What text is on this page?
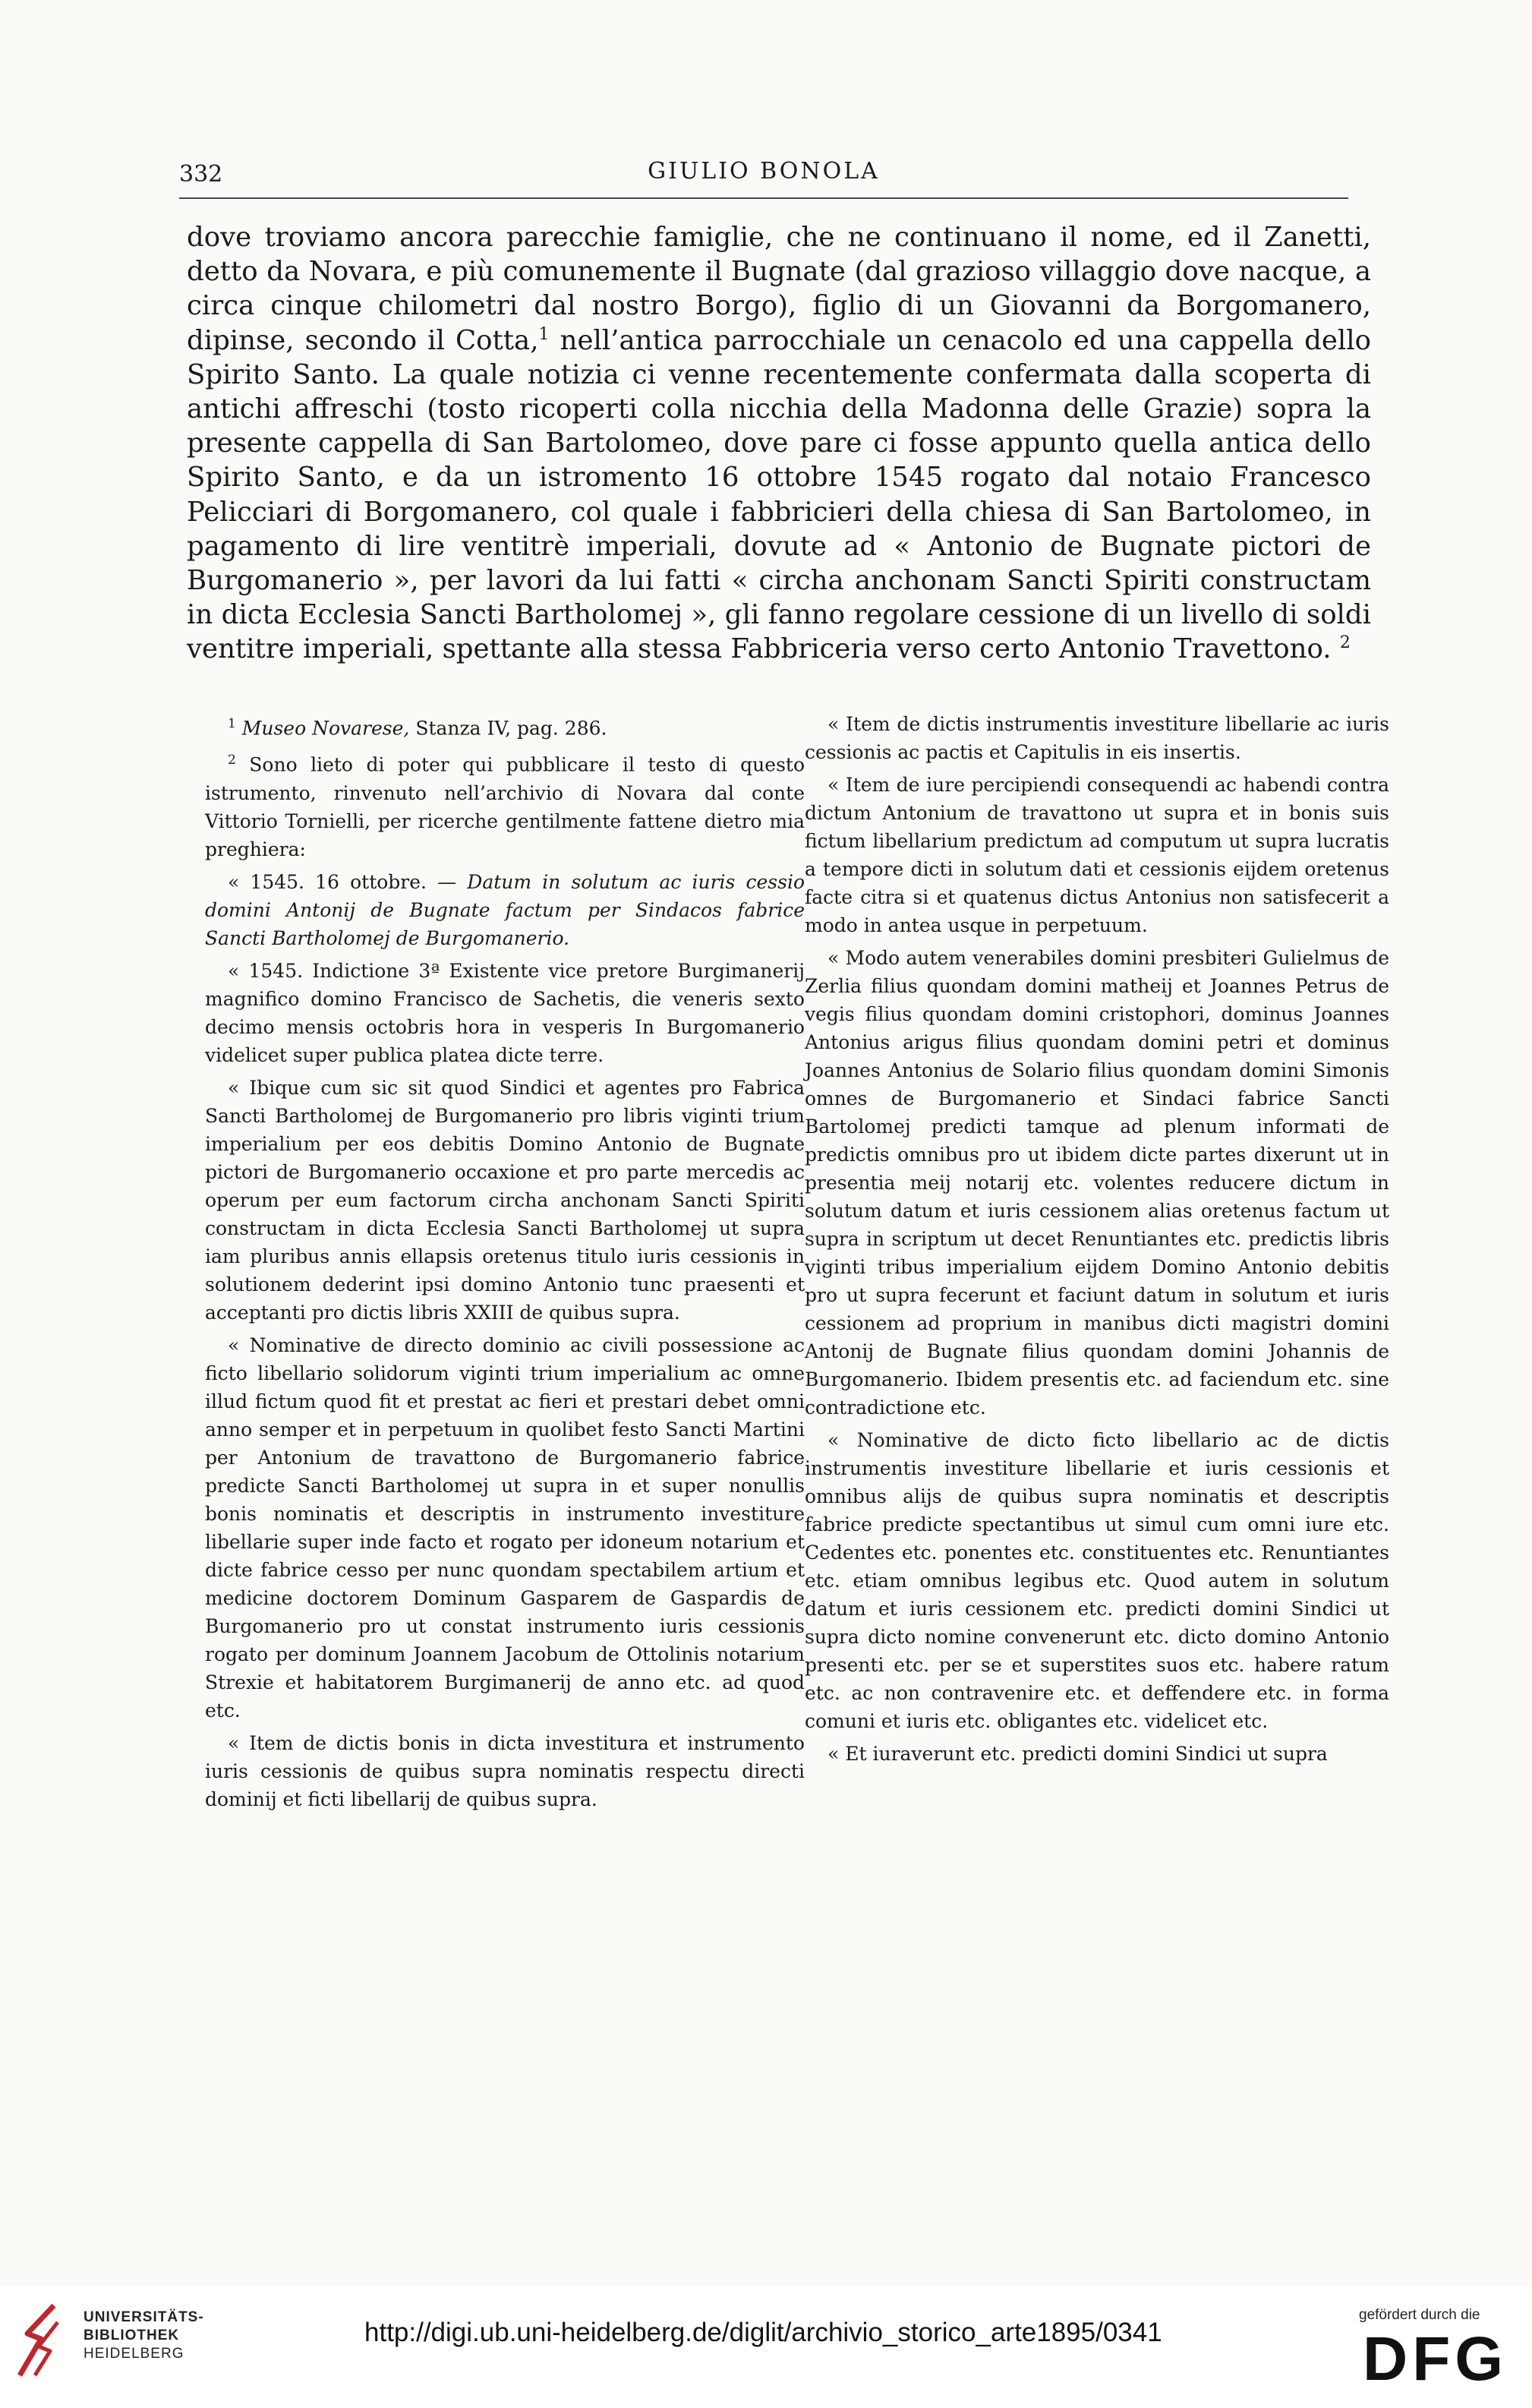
332	GIULIO BONOLA

dove troviamo ancora parecchie famiglie, che ne continuano il nome, ed il Zanetti, detto da Novara, e più comunemente il Bugnate (dal grazioso villaggio dove nacque, a circa cinque chilometri dal nostro Borgo), figlio di un Giovanni da Borgomanero, dipinse, secondo il Cotta,$^1$ nell’antica parrocchiale un cenacolo ed una cappella dello Spirito Santo. La quale notizia ci venne recentemente confermata dalla scoperta di antichi affreschi (tosto ricoperti colla nicchia della Madonna delle Grazie) sopra la presente cappella di San Bartolomeo, dove pare ci fosse appunto quella antica dello Spirito Santo, e da un istromento 16 ottobre 1545 rogato dal notaio Francesco Pelicciari di Borgomanero, col quale i fabbricieri della chiesa di San Bartolomeo, in pagamento di lire ventitrè imperiali, dovute ad « Antonio de Bugnate pictori de Burgomanerio », per lavori da lui fatti « circha anchonam Sancti Spiriti constructam in dicta Ecclesia Sancti Bartholomej », gli fanno regolare cessione di un livello di soldi ventitre imperiali, spettante alla stessa Fabbriceria verso certo Antonio Travettono. $^2$

$^1$ Museo Novarese, Stanza IV, pag. 286.

$^2$ Sono lieto di poter qui pubblicare il testo di questo istrumento, rinvenuto nell’archivio di Novara dal conte Vittorio Tornielli, per ricerche gentilmente fattene dietro mia preghiera:

« 1545. 16 ottobre. — Datum in solutum ac iuris cessio domini Antonij de Bugnate factum per Sindacos fabrice Sancti Bartholomej de Burgomanerio.

« 1545. Indictione 3ª Existente vice pretore Burgimanerij magnifico domino Francisco de Sachetis, die veneris sexto decimo mensis octobris hora in vesperis In Burgomanerio videlicet super publica platea dicte terre.

« Ibique cum sic sit quod Sindici et agentes pro Fabrica Sancti Bartholomej de Burgomanerio pro libris viginti trium imperialium per eos debitis Domino Antonio de Bugnate pictori de Burgomanerio occaxione et pro parte mercedis ac operum per eum factorum circha anchonam Sancti Spiriti constructam in dicta Ecclesia Sancti Bartholomej ut supra iam pluribus annis ellapsis oretenus titulo iuris cessionis in solutionem dederint ipsi domino Antonio tunc praesenti et acceptanti pro dictis libris XXIII de quibus supra.

« Nominative de directo dominio ac civili possessione ac ficto libellario solidorum viginti trium imperialium ac omne illud fictum quod fit et prestat ac fieri et prestari debet omni anno semper et in perpetuum in quolibet festo Sancti Martini per Antonium de travattono de Burgomanerio fabrice predicte Sancti Bartholomej ut supra in et super nonullis bonis nominatis et descriptis in instrumento investiture libellarie super inde facto et rogato per idoneum notarium et dicte fabrice cesso per nunc quondam spectabilem artium et medicine doctorem Dominum Gasparem de Gaspardis de Burgomanerio pro ut constat instrumento iuris cessionis rogato per dominum Joannem Jacobum de Ottolinis notarium Strexie et habitatorem Burgimanerij de anno etc. ad quod etc.

« Item de dictis bonis in dicta investitura et instrumento iuris cessionis de quibus supra nominatis respectu directi dominij et ficti libellarij de quibus supra.

« Item de dictis instrumentis investiture libellarie ac iuris cessionis ac pactis et Capitulis in eis insertis.

« Item de iure percipiendi consequendi ac habendi contra dictum Antonium de travattono ut supra et in bonis suis fictum libellarium predictum ad computum ut supra lucratis a tempore dicti in solutum dati et cessionis eijdem oretenus facte citra si et quatenus dictus Antonius non satisfecerit a modo in antea usque in perpetuum.

« Modo autem venerabiles domini presbiteri Gulielmus de Zerlia filius quondam domini matheij et Joannes Petrus de vegis filius quondam domini cristophori, dominus Joannes Antonius arigus filius quondam domini petri et dominus Joannes Antonius de Solario filius quondam domini Simonis omnes de Burgomanerio et Sindaci fabrice Sancti Bartolomej predicti tamque ad plenum informati de predictis omnibus pro ut ibidem dicte partes dixerunt ut in presentia meij notarij etc. volentes reducere dictum in solutum datum et iuris cessionem alias oretenus factum ut supra in scriptum ut decet Renuntiantes etc. predictis libris viginti tribus imperialium eijdem Domino Antonio debitis pro ut supra fecerunt et faciunt datum in solutum et iuris cessionem ad proprium in manibus dicti magistri domini Antonij de Bugnate filius quondam domini Johannis de Burgomanerio. Ibidem presentis etc. ad faciendum etc. sine contradictione etc.

« Nominative de dicto ficto libellario ac de dictis instrumentis investiture libellarie et iuris cessionis et omnibus alijs de quibus supra nominatis et descriptis fabrice predicte spectantibus ut simul cum omni iure etc. Cedentes etc. ponentes etc. constituentes etc. Renuntiantes etc. etiam omnibus legibus etc. Quod autem in solutum datum et iuris cessionem etc. predicti domini Sindici ut supra dicto nomine convenerunt etc. dicto domino Antonio presenti etc. per se et superstites suos etc. habere ratum etc. ac non contravenire etc. et deffendere etc. in forma comuni et iuris etc. obligantes etc. videlicet etc.

« Et iuraverunt etc. predicti domini Sindici ut supra

UNIVERSITÄTS-
BIBLIOTHEK
HEIDELBERG
http://digi.ub.uni-heidelberg.de/diglit/archivio_storico_arte1895/0341
gefördert durch die
DFG
